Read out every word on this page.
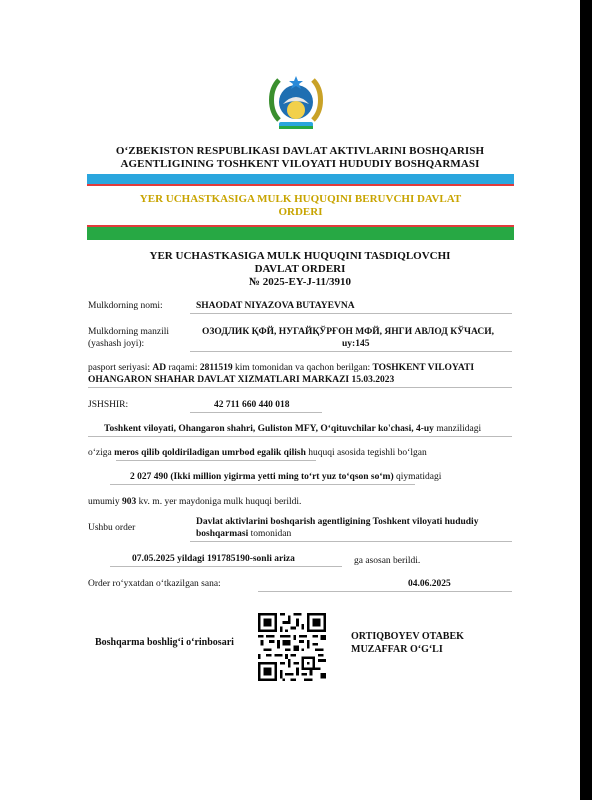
O‘ZBEKISTON RESPUBLIKASI DAVLAT AKTIVLARINI BOSHQARISH
AGENTLIGINING TOSHKENT VILOYATI HUDUDIY BOSHQARMASI
YER UCHASTKASIGA MULK HUQUQINI BERUVCHI DAVLAT
ORDERI
YER UCHASTKASIGA MULK HUQUQINI TASDIQLOVCHI
DAVLAT ORDERI
№ 2025-EY-J-11/3910
Mulkdorning nomi:	SHAODAT NIYAZOVA BUTAYEVNA
Mulkdorning manzili
(yashash joyi):
ОЗОДЛИК ҚФЙ, НУГАЙҚЎРҒОН МФЙ, ЯНГИ АВЛОД КЎЧАСИ,
uy:145
pasport seriyasi: AD raqami: 2811519 kim tomonidan va qachon berilgan: TOSHKENT VILOYATI
OHANGARON SHAHAR DAVLAT XIZMATLARI MARKAZI 15.03.2023
JSHSHIR:	42 711 660 440 018
Toshkent viloyati, Ohangaron shahri, Guliston MFY, O‘qituvchilar ko'chasi, 4-uy manzilidagi
o‘ziga meros qilib qoldiriladigan umrbod egalik qilish huquqi asosida tegishli bo‘lgan
2 027 490 (Ikki million yigirma yetti ming to‘rt yuz to‘qson so‘m) qiymatidagi
umumiy 903 kv. m. yer maydoniga mulk huquqi berildi.
Ushbu order
Davlat aktivlarini boshqarish agentligining Toshkent viloyati hududiy
boshqarmasi tomonidan
07.05.2025 yildagi 191785190-sonli ariza	ga asosan berildi.
Order ro‘yxatdan o‘tkazilgan sana:	04.06.2025
Boshqarma boshlig‘i o‘rinbosari
ORTIQBOYEV OTABEK
MUZAFFAR O‘G‘LI
